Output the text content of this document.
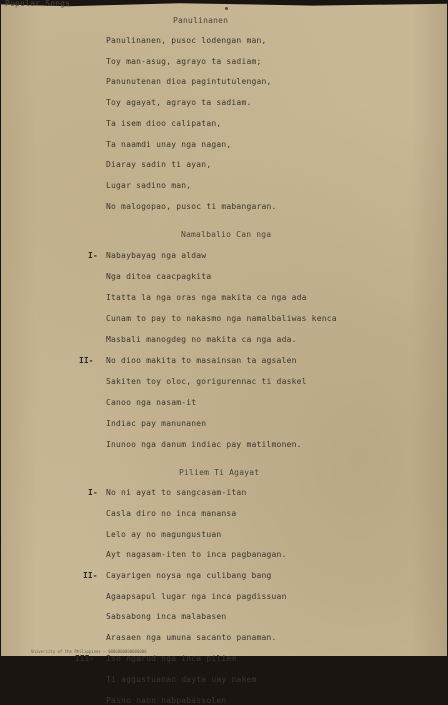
Popular Songs
Panulinanen
Panulinanen, pusoc lodengan man,
Toy man-asug, agrayo ta sadiam;
Panunutenan dioa pagintutulengan,
Toy agayat, agrayo ta sadiam.
Ta isem dioo calipatan,
Ta naamdi unay nga nagan,
Diaray sadin ti ayan,
Lugar sadino man,
No malogopao, pusoc ti mabangaran.
Namalbalio Can nga
I- Nabaybayag nga aldaw
Nga ditoa caacpagkita
Itatta la nga oras nga makita ca nga ada
Cunam to pay to nakasmo nga namalbaliwas kenca
Masbali manogdeg no makita ca nga ada.
II- No dioo makita to masainsan ta agsalen
Sakiten toy oloc, gorigurennac ti daskel
Canoo nga nasam-it
Indiac pay manunanen
Inunoo nga danum indiac pay matilmonen.
Piliem Ti Agayat
I- No ni ayat to sangcasam-itan
Casla diro no inca manansa
Lelo ay no magungustuan
Ayt nagasam-iten to inca pagbanagan.
II- Cayarigen noysa nga culibang bang
Agaapsapul lugar nga inca pagdissuan
Sabsabong inca malabasen
Arasaen nga umuna sacanto panaman.
III- Iso ngarud nga inca piliem
Ti aggustuanan daytа uay nakem
Pasno naon nabpabassolen
University of the Philippines — 0000000000000000
